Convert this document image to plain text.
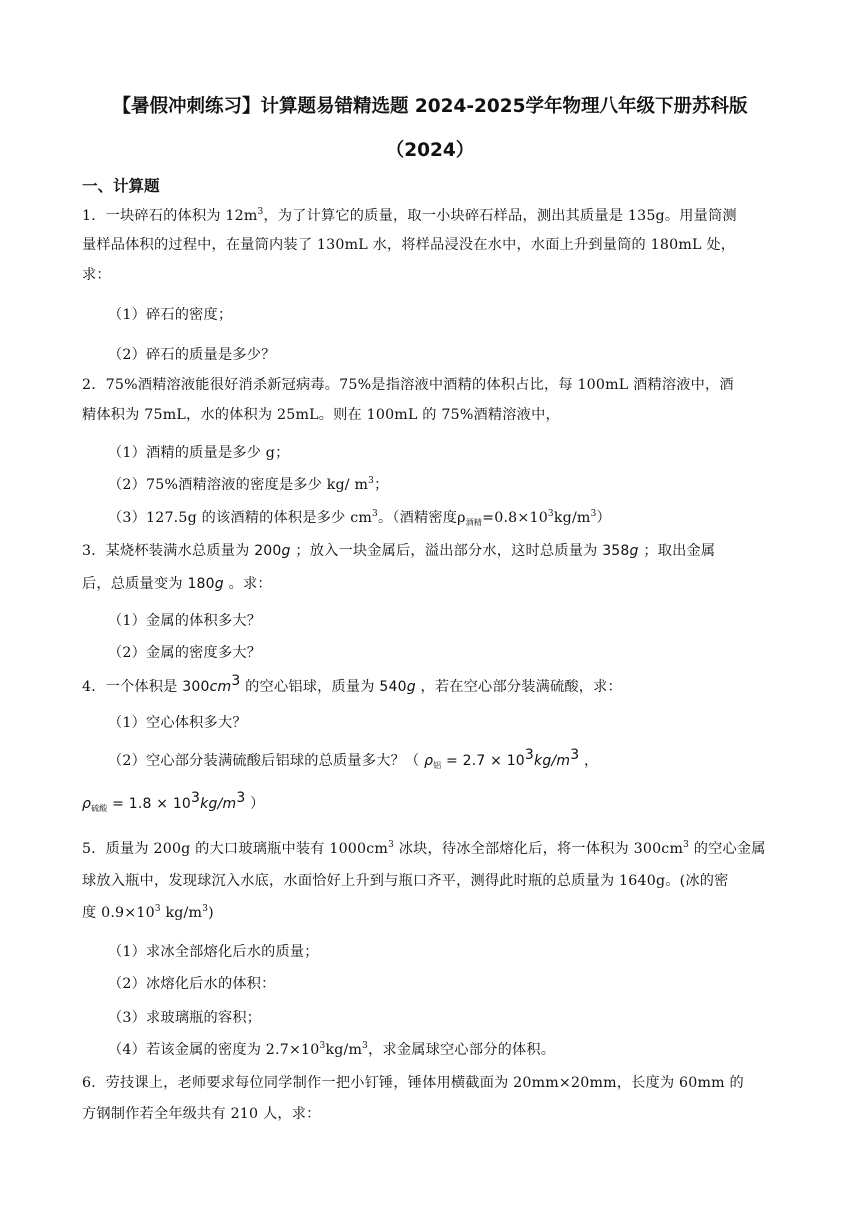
【暑假冲刺练习】计算题易错精选题 2024-2025学年物理八年级下册苏科版
（2024）
一、计算题
1．一块碎石的体积为 $12m^3$，为了计算它的质量，取一小块碎石样品，测出其质量是 135g。用量筒测
量样品体积的过程中，在量筒内装了 130mL 水，将样品浸没在水中，水面上升到量筒的 180mL 处，
求：
（1）碎石的密度；
（2）碎石的质量是多少？
2．75%酒精溶液能很好消杀新冠病毒。75%是指溶液中酒精的体积占比，每 100mL 酒精溶液中，酒
精体积为 75mL，水的体积为 25mL。则在 100mL 的 75%酒精溶液中，
（1）酒精的质量是多少 g；
（2）75%酒精溶液的密度是多少 kg/ $m^3$；
（3）127.5g 的该酒精的体积是多少 $cm^3$。（酒精密度$\rho_{酒精}=0.8\times 10^3kg/m^3$）
3．某烧杯装满水总质量为 200g ；放入一块金属后，溢出部分水，这时总质量为 358g ；取出金属
后，总质量变为 180g 。求：
（1）金属的体积多大？
（2）金属的密度多大？
4．一个体积是 $300cm^3$ 的空心铝球，质量为 540g ，若在空心部分装满硫酸，求：
（1）空心体积多大？
（2）空心部分装满硫酸后铝球的总质量多大？（ $\rho_铝 = 2.7 \times 10^3kg/m^3$ ，
$\rho_{硫酸} = 1.8 \times 10^3kg/m^3$ ）
5．质量为 200g 的大口玻璃瓶中装有 $1000cm^3$ 冰块，待冰全部熔化后，将一体积为 $300cm^3$ 的空心金属
球放入瓶中，发现球沉入水底，水面恰好上升到与瓶口齐平，测得此时瓶的总质量为 1640g。(冰的密
度 $0.9\times 10^3$ $kg/m^3$)
（1）求冰全部熔化后水的质量；
（2）冰熔化后水的体积：
（3）求玻璃瓶的容积；
（4）若该金属的密度为 $2.7\times 10^3kg/m^3$，求金属球空心部分的体积。
6．劳技课上，老师要求每位同学制作一把小钉锤，锤体用横截面为 20mm×20mm，长度为 60mm 的
方钢制作若全年级共有 210 人，求：
